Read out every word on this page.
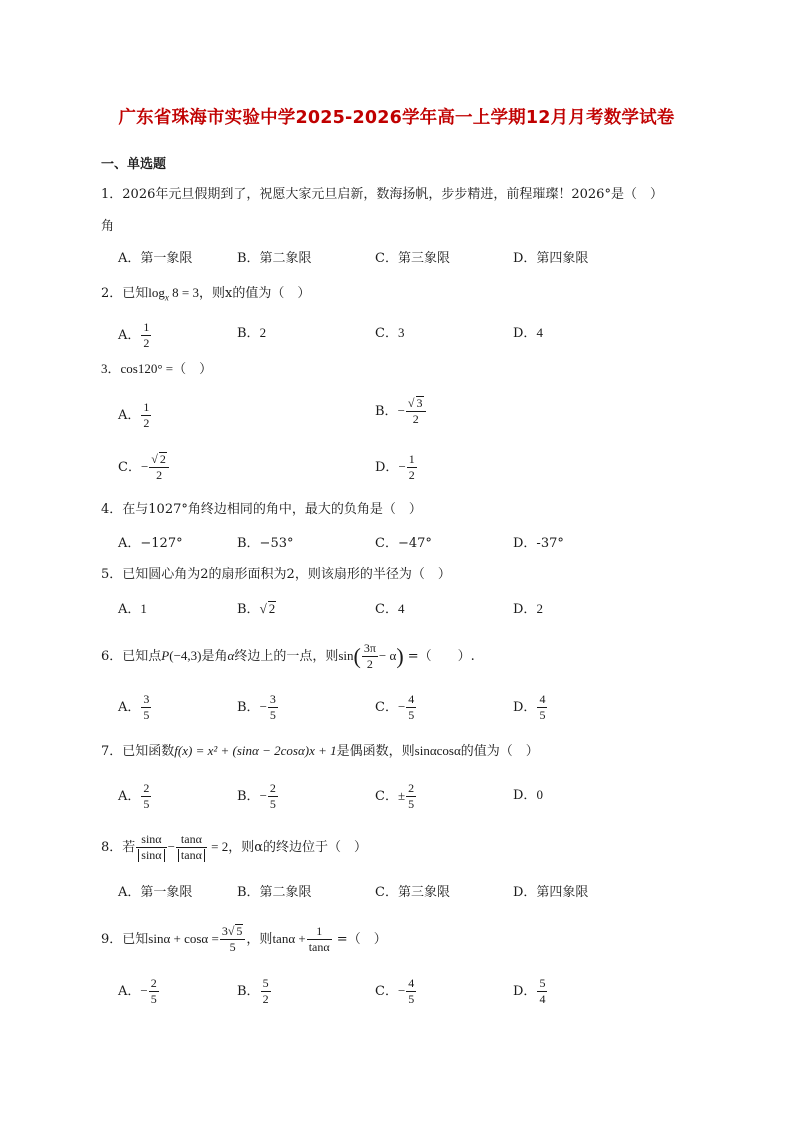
广东省珠海市实验中学2025-2026学年高一上学期12月月考数学试卷
一、单选题
1．2026年元旦假期到了，祝愿大家元旦启新，数海扬帆，步步精进，前程璀璨！2026°是（　）
角
A．第一象限	B．第二象限	C．第三象限	D．第四象限
2．已知$\log_x 8 = 3$，则x的值为（　）
A． $\frac{1}{2}$	B．2	C．3	D．4
3．cos120° =（　）
A． $\frac{1}{2}$	B．− $\frac{√ 3}{2}$
C．− $\frac{√ 2}{2}$	D．− $\frac{1}{2}$
4．在与1027°角终边相同的角中，最大的负角是（　）
A．−127°	B．−53°	C．−47°	D．-37°
5．已知圆心角为2的扇形面积为2，则该扇形的半径为（　）
A．1	B．√ 2	C．4	D．2
6．已知点P(−4,3)是角α终边上的一点，则$\sin( \frac{3\pi}{2} - \alpha)$ =（　　）.
A． $\frac{3}{5}$	B．− $\frac{3}{5}$	C．− $\frac{4}{5}$	D． $\frac{4}{5}$
7．已知函数f(x) = x² + (sinα − 2cosα)x + 1是偶函数，则sinαcosα的值为（　）
A． $\frac{2}{5}$	B．− $\frac{2}{5}$	C．± $\frac{2}{5}$	D．0
8．若 $\frac{\sin\alpha}{\sin\alpha} - \frac{\tan\alpha}{\tan\alpha} = 2$，则α的终边位于（　）
A．第一象限	B．第二象限	C．第三象限	D．第四象限
9．已知$\sin\alpha + \cos\alpha = \frac{3√ 5}{5}$ ，则$\tan\alpha + \frac{1}{\tan\alpha}$ =（　）
A．− $\frac{2}{5}$	B． $\frac{5}{2}$	C．− $\frac{4}{5}$	D． $\frac{5}{4}$
